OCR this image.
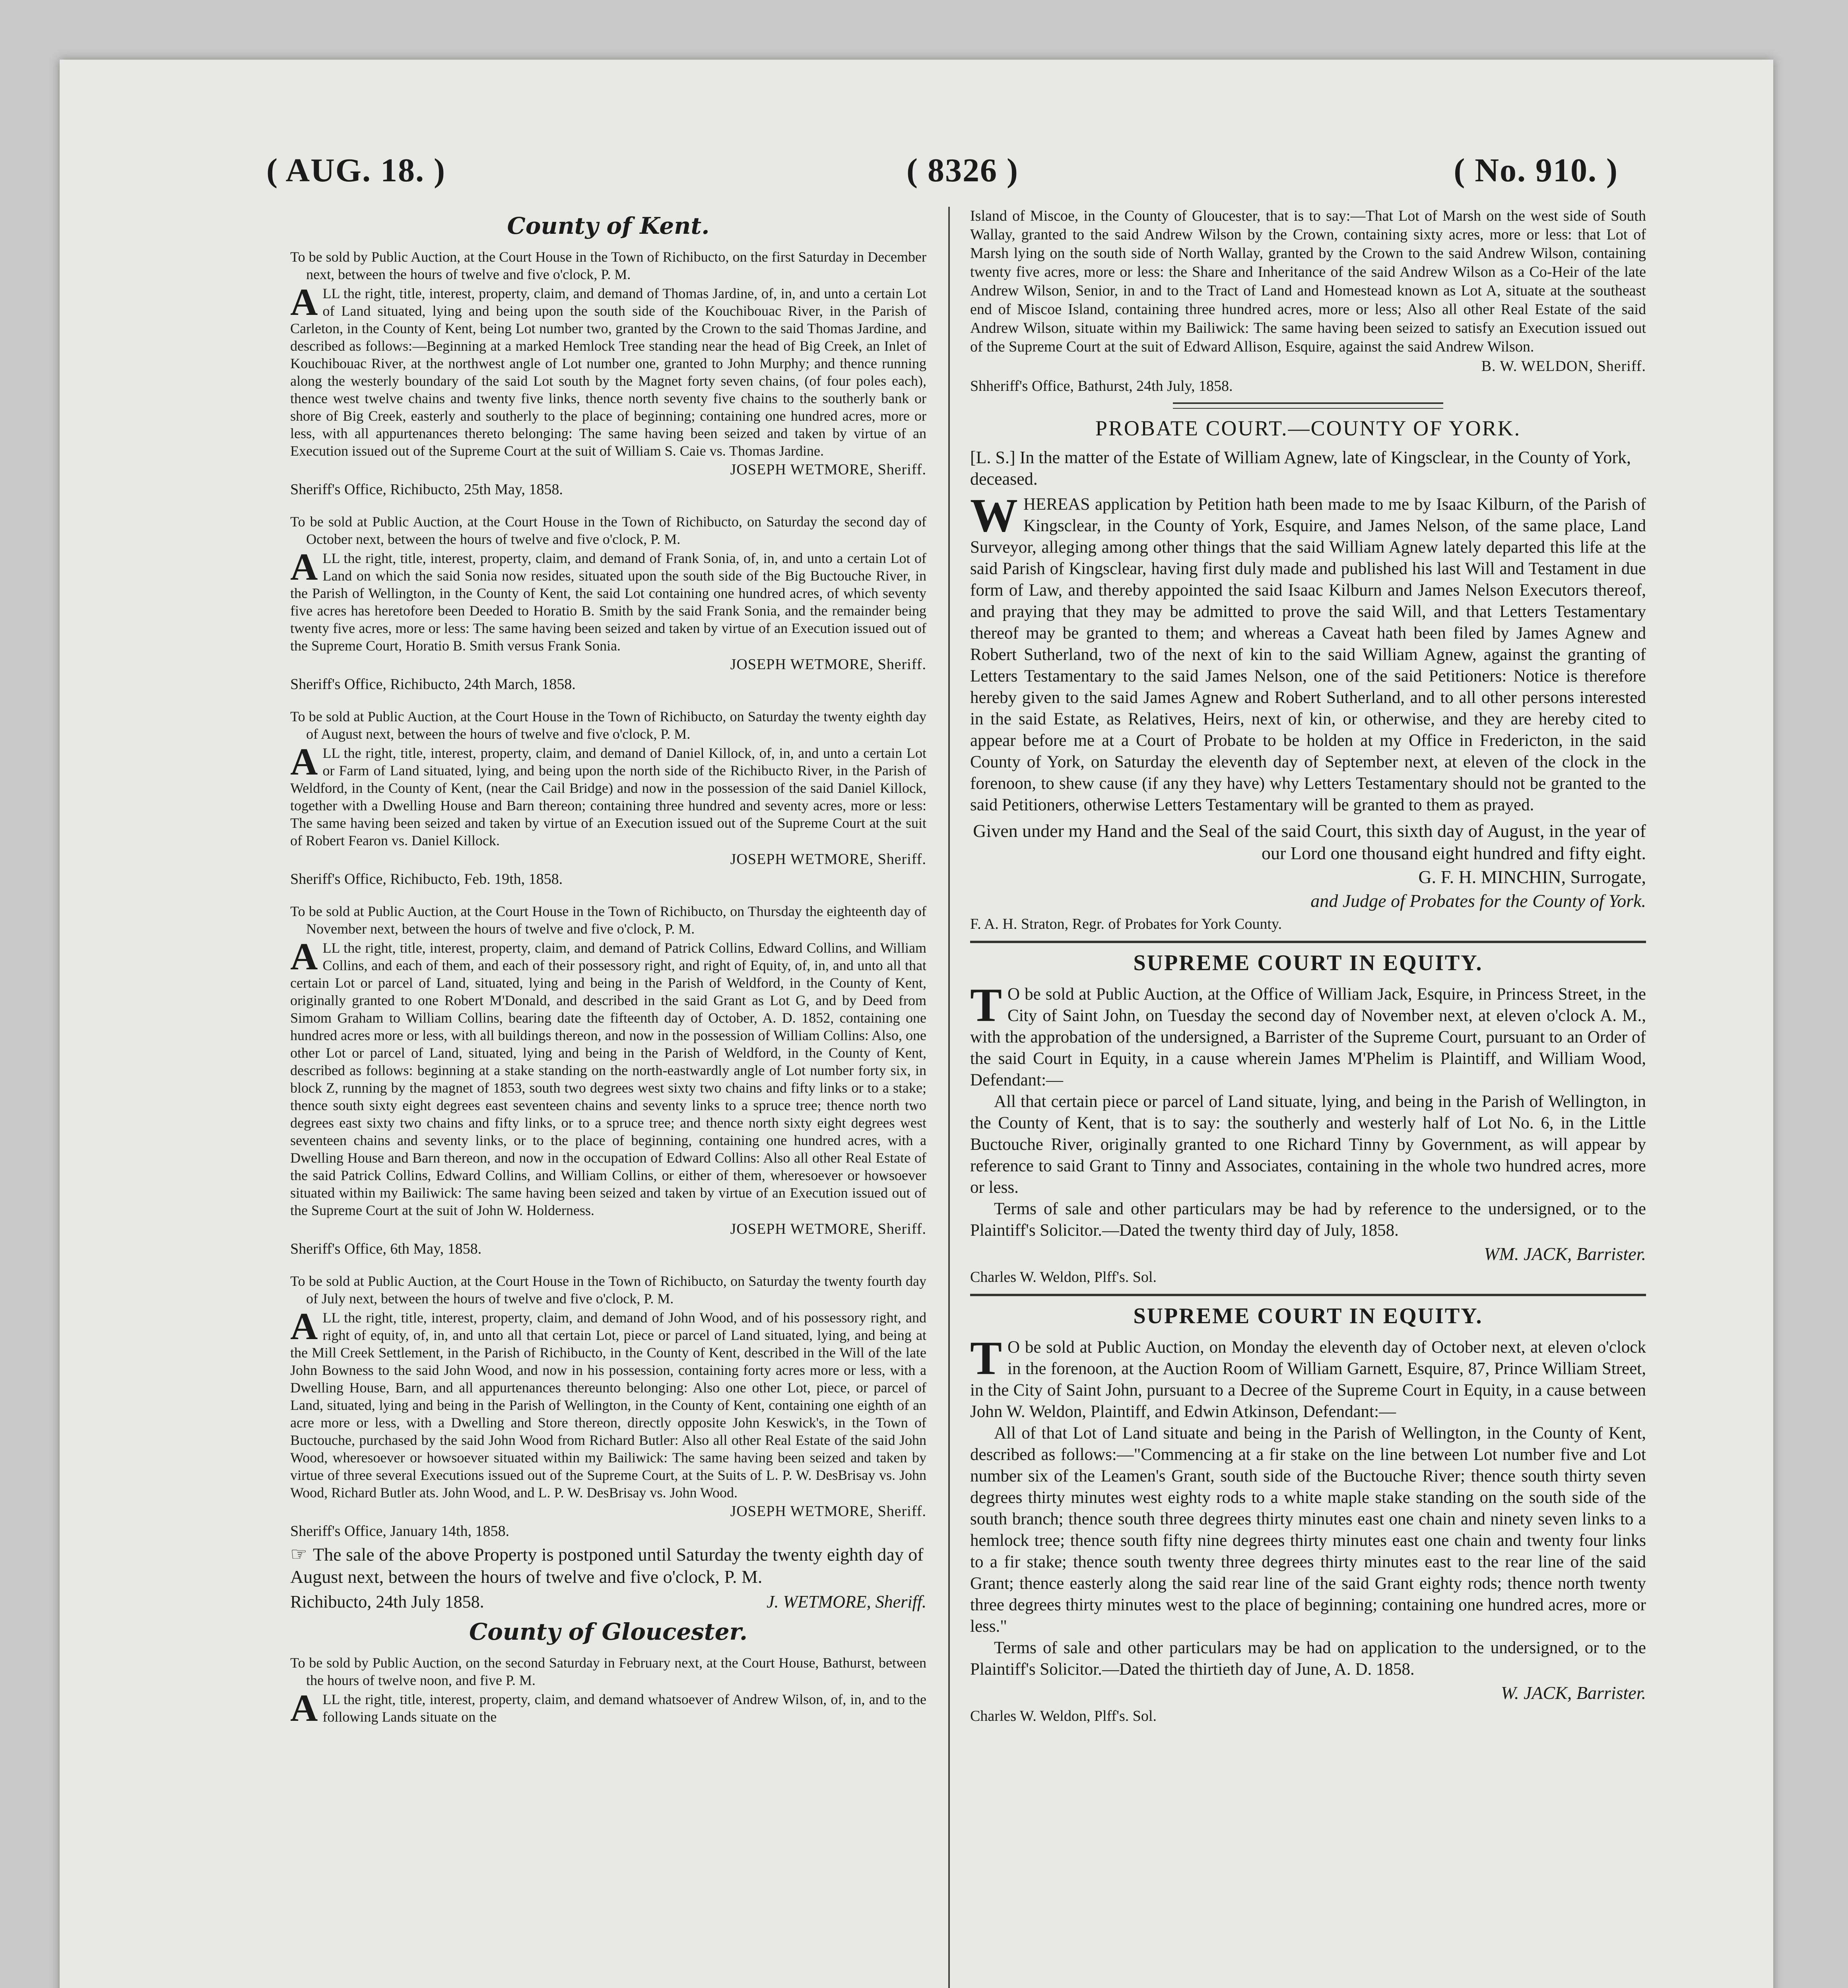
( AUG. 18. )	( 8326 )	( No. 910. )
County of Kent.

To be sold by Public Auction, at the Court House in the Town of Richibucto, on the first Saturday in December next, between the hours of twelve and five o'clock, P. M.

ALL the right, title, interest, property, claim, and demand of Thomas Jardine, of, in, and unto a certain Lot of Land situated, lying and being upon the south side of the Kouchibouac River, in the Parish of Carleton, in the County of Kent, being Lot number two, granted by the Crown to the said Thomas Jardine, and described as follows:—Beginning at a marked Hemlock Tree standing near the head of Big Creek, an Inlet of Kouchibouac River, at the northwest angle of Lot number one, granted to John Murphy; and thence running along the westerly boundary of the said Lot south by the Magnet forty seven chains, (of four poles each), thence west twelve chains and twenty five links, thence north seventy five chains to the southerly bank or shore of Big Creek, easterly and southerly to the place of beginning; containing one hundred acres, more or less, with all appurtenances thereto belonging: The same having been seized and taken by virtue of an Execution issued out of the Supreme Court at the suit of William S. Caie vs. Thomas Jardine.

JOSEPH WETMORE, Sheriff.

Sheriff's Office, Richibucto, 25th May, 1858.

To be sold at Public Auction, at the Court House in the Town of Richibucto, on Saturday the second day of October next, between the hours of twelve and five o'clock, P. M.

ALL the right, title, interest, property, claim, and demand of Frank Sonia, of, in, and unto a certain Lot of Land on which the said Sonia now resides, situated upon the south side of the Big Buctouche River, in the Parish of Wellington, in the County of Kent, the said Lot containing one hundred acres, of which seventy five acres has heretofore been Deeded to Horatio B. Smith by the said Frank Sonia, and the remainder being twenty five acres, more or less: The same having been seized and taken by virtue of an Execution issued out of the Supreme Court, Horatio B. Smith versus Frank Sonia.

JOSEPH WETMORE, Sheriff.

Sheriff's Office, Richibucto, 24th March, 1858.

To be sold at Public Auction, at the Court House in the Town of Richibucto, on Saturday the twenty eighth day of August next, between the hours of twelve and five o'clock, P. M.

ALL the right, title, interest, property, claim, and demand of Daniel Killock, of, in, and unto a certain Lot or Farm of Land situated, lying, and being upon the north side of the Richibucto River, in the Parish of Weldford, in the County of Kent, (near the Cail Bridge) and now in the possession of the said Daniel Killock, together with a Dwelling House and Barn thereon; containing three hundred and seventy acres, more or less: The same having been seized and taken by virtue of an Execution issued out of the Supreme Court at the suit of Robert Fearon vs. Daniel Killock.

JOSEPH WETMORE, Sheriff.

Sheriff's Office, Richibucto, Feb. 19th, 1858.

To be sold at Public Auction, at the Court House in the Town of Richibucto, on Thursday the eighteenth day of November next, between the hours of twelve and five o'clock, P. M.

ALL the right, title, interest, property, claim, and demand of Patrick Collins, Edward Collins, and William Collins, and each of them, and each of their possessory right, and right of Equity, of, in, and unto all that certain Lot or parcel of Land, situated, lying and being in the Parish of Weldford, in the County of Kent, originally granted to one Robert M'Donald, and described in the said Grant as Lot G, and by Deed from Simom Graham to William Collins, bearing date the fifteenth day of October, A. D. 1852, containing one hundred acres more or less, with all buildings thereon, and now in the possession of William Collins: Also, one other Lot or parcel of Land, situated, lying and being in the Parish of Weldford, in the County of Kent, described as follows: beginning at a stake standing on the north-eastwardly angle of Lot number forty six, in block Z, running by the magnet of 1853, south two degrees west sixty two chains and fifty links or to a stake; thence south sixty eight degrees east seventeen chains and seventy links to a spruce tree; thence north two degrees east sixty two chains and fifty links, or to a spruce tree; and thence north sixty eight degrees west seventeen chains and seventy links, or to the place of beginning, containing one hundred acres, with a Dwelling House and Barn thereon, and now in the occupation of Edward Collins: Also all other Real Estate of the said Patrick Collins, Edward Collins, and William Collins, or either of them, wheresoever or howsoever situated within my Bailiwick: The same having been seized and taken by virtue of an Execution issued out of the Supreme Court at the suit of John W. Holderness.

JOSEPH WETMORE, Sheriff.

Sheriff's Office, 6th May, 1858.

To be sold at Public Auction, at the Court House in the Town of Richibucto, on Saturday the twenty fourth day of July next, between the hours of twelve and five o'clock, P. M.

ALL the right, title, interest, property, claim, and demand of John Wood, and of his possessory right, and right of equity, of, in, and unto all that certain Lot, piece or parcel of Land situated, lying, and being at the Mill Creek Settlement, in the Parish of Richibucto, in the County of Kent, described in the Will of the late John Bowness to the said John Wood, and now in his possession, containing forty acres more or less, with a Dwelling House, Barn, and all appurtenances thereunto belonging: Also one other Lot, piece, or parcel of Land, situated, lying and being in the Parish of Wellington, in the County of Kent, containing one eighth of an acre more or less, with a Dwelling and Store thereon, directly opposite John Keswick's, in the Town of Buctouche, purchased by the said John Wood from Richard Butler: Also all other Real Estate of the said John Wood, wheresoever or howsoever situated within my Bailiwick: The same having been seized and taken by virtue of three several Executions issued out of the Supreme Court, at the Suits of L. P. W. DesBrisay vs. John Wood, Richard Butler ats. John Wood, and L. P. W. DesBrisay vs. John Wood.

JOSEPH WETMORE, Sheriff.

Sheriff's Office, January 14th, 1858.

☞ The sale of the above Property is postponed until Saturday the twenty eighth day of August next, between the hours of twelve and five o'clock, P. M.

Richibucto, 24th July 1858.	J. WETMORE, Sheriff.
County of Gloucester.

To be sold by Public Auction, on the second Saturday in February next, at the Court House, Bathurst, between the hours of twelve noon, and five P. M.

ALL the right, title, interest, property, claim, and demand whatsoever of Andrew Wilson, of, in, and to the following Lands situate on the

Island of Miscoe, in the County of Gloucester, that is to say:—That Lot of Marsh on the west side of South Wallay, granted to the said Andrew Wilson by the Crown, containing sixty acres, more or less: that Lot of Marsh lying on the south side of North Wallay, granted by the Crown to the said Andrew Wilson, containing twenty five acres, more or less: the Share and Inheritance of the said Andrew Wilson as a Co-Heir of the late Andrew Wilson, Senior, in and to the Tract of Land and Homestead known as Lot A, situate at the southeast end of Miscoe Island, containing three hundred acres, more or less; Also all other Real Estate of the said Andrew Wilson, situate within my Bailiwick: The same having been seized to satisfy an Execution issued out of the Supreme Court at the suit of Edward Allison, Esquire, against the said Andrew Wilson.

B. W. WELDON, Sheriff.

Shheriff's Office, Bathurst, 24th July, 1858.

PROBATE COURT.—COUNTY OF YORK.

[L. S.] In the matter of the Estate of William Agnew, late of Kingsclear, in the County of York, deceased.

WHEREAS application by Petition hath been made to me by Isaac Kilburn, of the Parish of Kingsclear, in the County of York, Esquire, and James Nelson, of the same place, Land Surveyor, alleging among other things that the said William Agnew lately departed this life at the said Parish of Kingsclear, having first duly made and published his last Will and Testament in due form of Law, and thereby appointed the said Isaac Kilburn and James Nelson Executors thereof, and praying that they may be admitted to prove the said Will, and that Letters Testamentary thereof may be granted to them; and whereas a Caveat hath been filed by James Agnew and Robert Sutherland, two of the next of kin to the said William Agnew, against the granting of Letters Testamentary to the said James Nelson, one of the said Petitioners: Notice is therefore hereby given to the said James Agnew and Robert Sutherland, and to all other persons interested in the said Estate, as Relatives, Heirs, next of kin, or otherwise, and they are hereby cited to appear before me at a Court of Probate to be holden at my Office in Fredericton, in the said County of York, on Saturday the eleventh day of September next, at eleven of the clock in the forenoon, to shew cause (if any they have) why Letters Testamentary should not be granted to the said Petitioners, otherwise Letters Testamentary will be granted to them as prayed.

Given under my Hand and the Seal of the said Court, this sixth day of August, in the year of our Lord one thousand eight hundred and fifty eight.

G. F. H. MINCHIN, Surrogate,

and Judge of Probates for the County of York.

F. A. H. Straton, Regr. of Probates for York County.

SUPREME COURT IN EQUITY.

T O be sold at Public Auction, at the Office of William Jack, Esquire, in Princess Street, in the City of Saint John, on Tuesday the second day of November next, at eleven o'clock A. M., with the approbation of the undersigned, a Barrister of the Supreme Court, pursuant to an Order of the said Court in Equity, in a cause wherein James M'Phelim is Plaintiff, and William Wood, Defendant:—

All that certain piece or parcel of Land situate, lying, and being in the Parish of Wellington, in the County of Kent, that is to say: the southerly and westerly half of Lot No. 6, in the Little Buctouche River, originally granted to one Richard Tinny by Government, as will appear by reference to said Grant to Tinny and Associates, containing in the whole two hundred acres, more or less.

Terms of sale and other particulars may be had by reference to the undersigned, or to the Plaintiff's Solicitor.—Dated the twenty third day of July, 1858.

WM. JACK, Barrister.

Charles W. Weldon, Plff's. Sol.

SUPREME COURT IN EQUITY.

T O be sold at Public Auction, on Monday the eleventh day of October next, at eleven o'clock in the forenoon, at the Auction Room of William Garnett, Esquire, 87, Prince William Street, in the City of Saint John, pursuant to a Decree of the Supreme Court in Equity, in a cause between John W. Weldon, Plaintiff, and Edwin Atkinson, Defendant:—

All of that Lot of Land situate and being in the Parish of Wellington, in the County of Kent, described as follows:—"Commencing at a fir stake on the line between Lot number five and Lot number six of the Leamen's Grant, south side of the Buctouche River; thence south thirty seven degrees thirty minutes west eighty rods to a white maple stake standing on the south side of the south branch; thence south three degrees thirty minutes east one chain and ninety seven links to a hemlock tree; thence south fifty nine degrees thirty minutes east one chain and twenty four links to a fir stake; thence south twenty three degrees thirty minutes east to the rear line of the said Grant; thence easterly along the said rear line of the said Grant eighty rods; thence north twenty three degrees thirty minutes west to the place of beginning; containing one hundred acres, more or less."

Terms of sale and other particulars may be had on application to the undersigned, or to the Plaintiff's Solicitor.—Dated the thirtieth day of June, A. D. 1858.

W. JACK, Barrister.

Charles W. Weldon, Plff's. Sol.
